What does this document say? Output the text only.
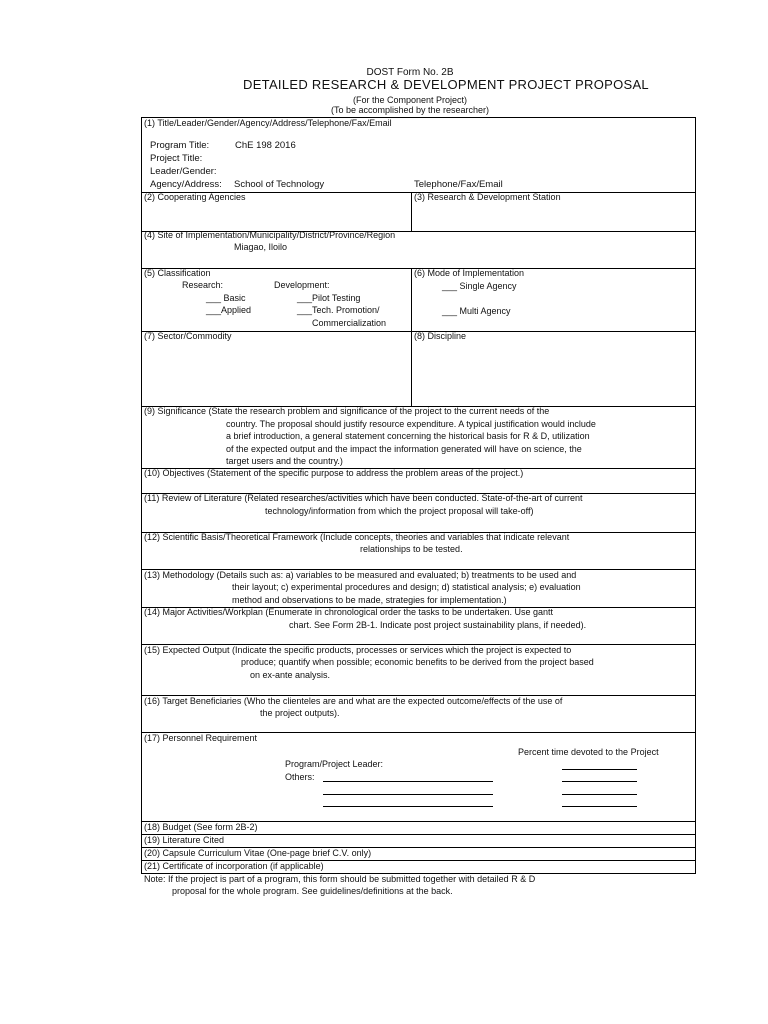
DOST Form No. 2B
DETAILED RESEARCH & DEVELOPMENT PROJECT PROPOSAL
(For the Component Project)
(To be accomplished by the researcher)
(1) Title/Leader/Gender/Agency/Address/Telephone/Fax/Email
Program Title:	ChE 198 2016
Project Title:
Leader/Gender:
Agency/Address: School of Technology	Telephone/Fax/Email
(2) Cooperating Agencies	(3) Research & Development Station
(4) Site of Implementation/Municipality/District/Province/Region
Miagao, Iloilo
(5) Classification
Research:	Development:
___ Basic	___Pilot Testing
___Applied	___Tech. Promotion/
Commercialization
(6) Mode of Implementation
___ Single Agency
___ Multi Agency
(7) Sector/Commodity	(8) Discipline
(9) Significance (State the research problem and significance of the project to the current needs of the
country. The proposal should justify resource expenditure. A typical justification would include
a brief introduction, a general statement concerning the historical basis for R & D, utilization
of the expected output and the impact the information generated will have on science, the
target users and the country.)
(10) Objectives (Statement of the specific purpose to address the problem areas of the project.)
(11) Review of Literature (Related researches/activities which have been conducted. State-of-the-art of current
technology/information from which the project proposal will take-off)
(12) Scientific Basis/Theoretical Framework (Include concepts, theories and variables that indicate relevant
relationships to be tested.
(13) Methodology (Details such as: a) variables to be measured and evaluated; b) treatments to be used and
their layout; c) experimental procedures and design; d) statistical analysis; e) evaluation
method and observations to be made, strategies for implementation.)
(14) Major Activities/Workplan (Enumerate in chronological order the tasks to be undertaken. Use gantt
chart. See Form 2B-1. Indicate post project sustainability plans, if needed).
(15) Expected Output (Indicate the specific products, processes or services which the project is expected to
produce; quantify when possible; economic benefits to be derived from the project based
on ex-ante analysis.
(16) Target Beneficiaries (Who the clienteles are and what are the expected outcome/effects of the use of
the project outputs).
(17) Personnel Requirement
Percent time devoted to the Project
Program/Project Leader:
Others:
(18) Budget (See form 2B-2)
(19) Literature Cited
(20) Capsule Curriculum Vitae (One-page brief C.V. only)
(21) Certificate of incorporation (if applicable)
Note: If the project is part of a program, this form should be submitted together with detailed R & D
proposal for the whole program. See guidelines/definitions at the back.
